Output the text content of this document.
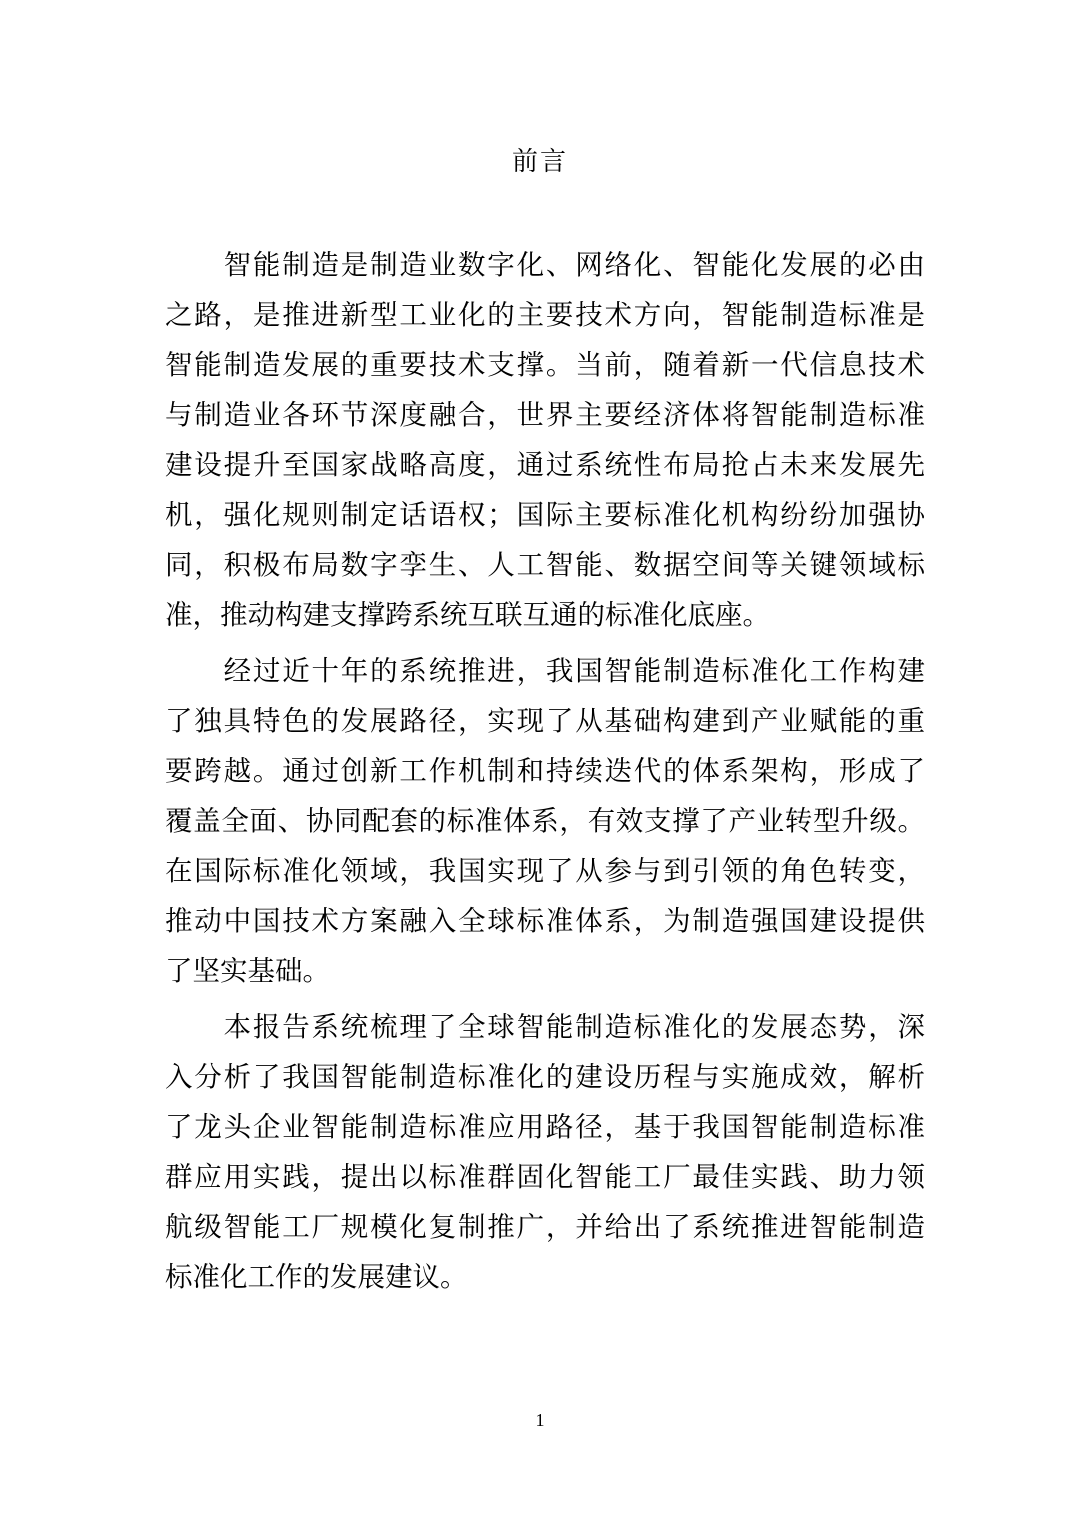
前言
　　智能制造是制造业数字化、网络化、智能化发展的必由
之路，是推进新型工业化的主要技术方向，智能制造标准是
智能制造发展的重要技术支撑。当前，随着新一代信息技术
与制造业各环节深度融合，世界主要经济体将智能制造标准
建设提升至国家战略高度，通过系统性布局抢占未来发展先
机，强化规则制定话语权；国际主要标准化机构纷纷加强协
同，积极布局数字孪生、人工智能、数据空间等关键领域标
准，推动构建支撑跨系统互联互通的标准化底座。
　　经过近十年的系统推进，我国智能制造标准化工作构建
了独具特色的发展路径，实现了从基础构建到产业赋能的重
要跨越。通过创新工作机制和持续迭代的体系架构，形成了
覆盖全面、协同配套的标准体系，有效支撑了产业转型升级。
在国际标准化领域，我国实现了从参与到引领的角色转变，
推动中国技术方案融入全球标准体系，为制造强国建设提供
了坚实基础。
　　本报告系统梳理了全球智能制造标准化的发展态势，深
入分析了我国智能制造标准化的建设历程与实施成效，解析
了龙头企业智能制造标准应用路径，基于我国智能制造标准
群应用实践，提出以标准群固化智能工厂最佳实践、助力领
航级智能工厂规模化复制推广，并给出了系统推进智能制造
标准化工作的发展建议。
1
